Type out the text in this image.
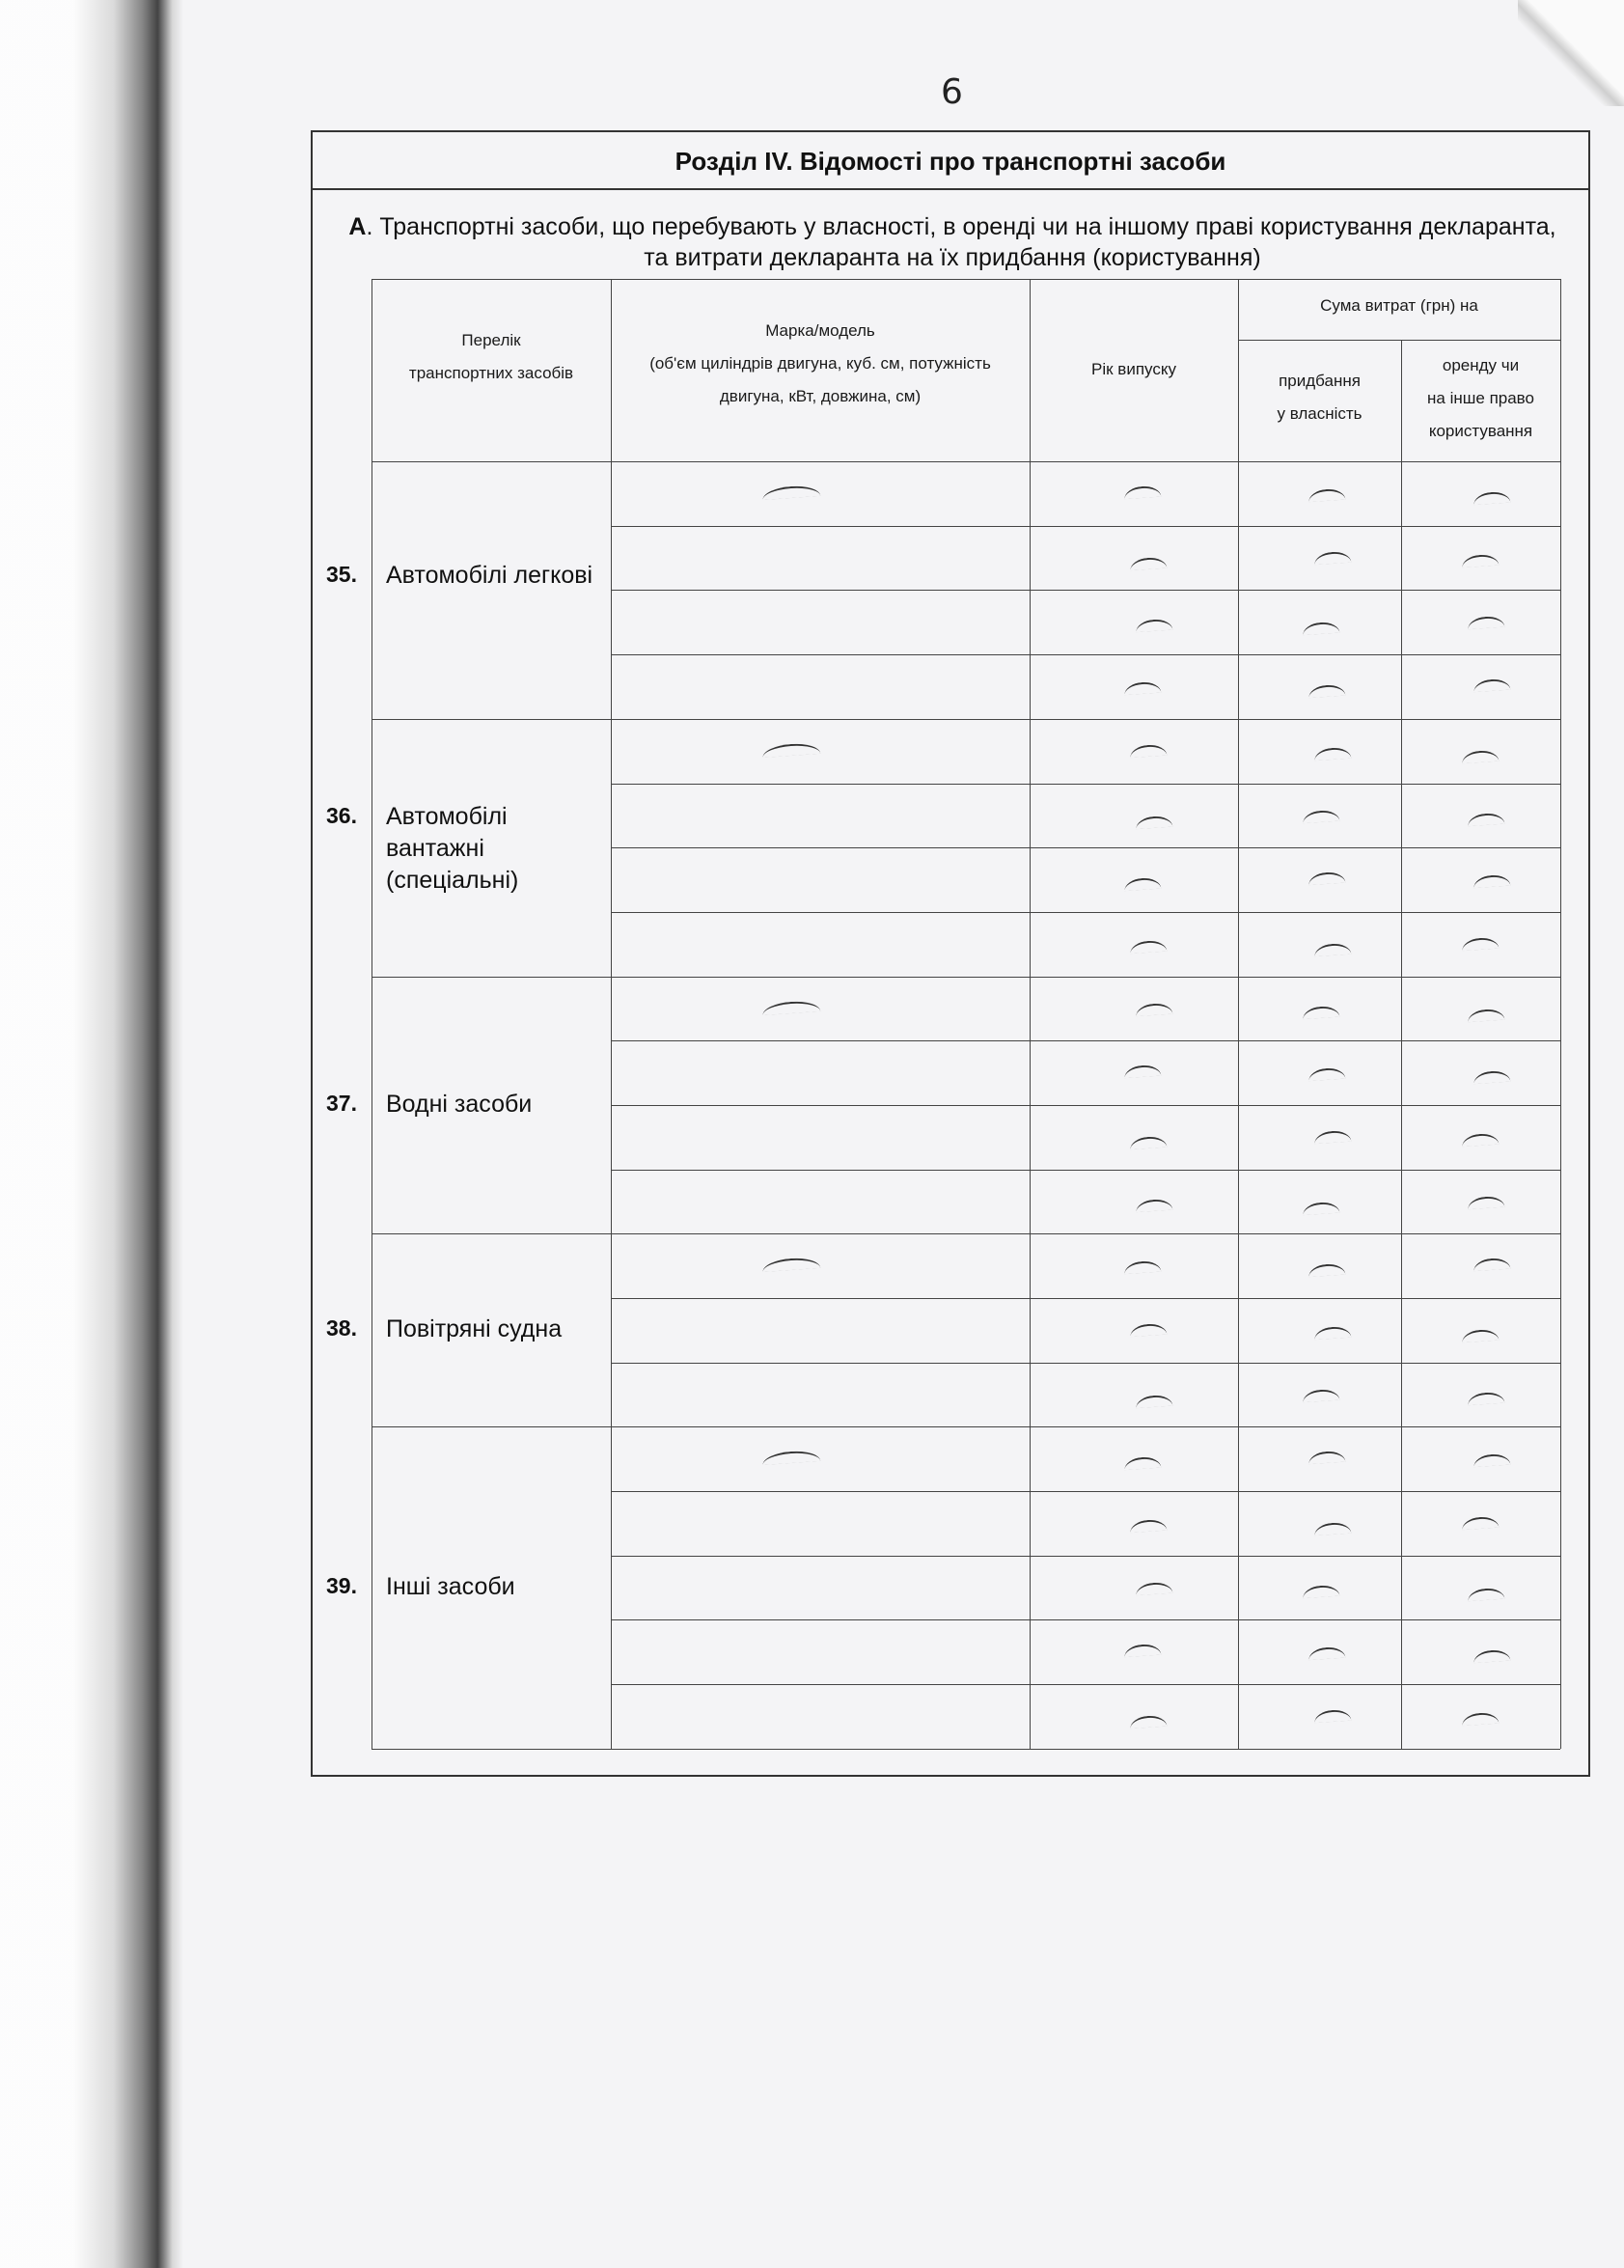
6
Розділ IV. Відомості про транспортні засоби
А. Транспортні засоби, що перебувають у власності, в оренді чи на іншому праві користування декларанта, та витрати декларанта на їх придбання (користування)
Перелік
транспортних засобів
Марка/модель
(об'єм циліндрів двигуна, куб. см, потужність
двигуна, кВт, довжина, см)
Рік випуску
Сума витрат (грн) на
придбання
у власність
оренду чи
на інше право
користування
35. Автомобілі легкові
36. Автомобілі вантажні (спеціальні)
37. Водні засоби
38. Повітряні судна
39. Інші засоби
